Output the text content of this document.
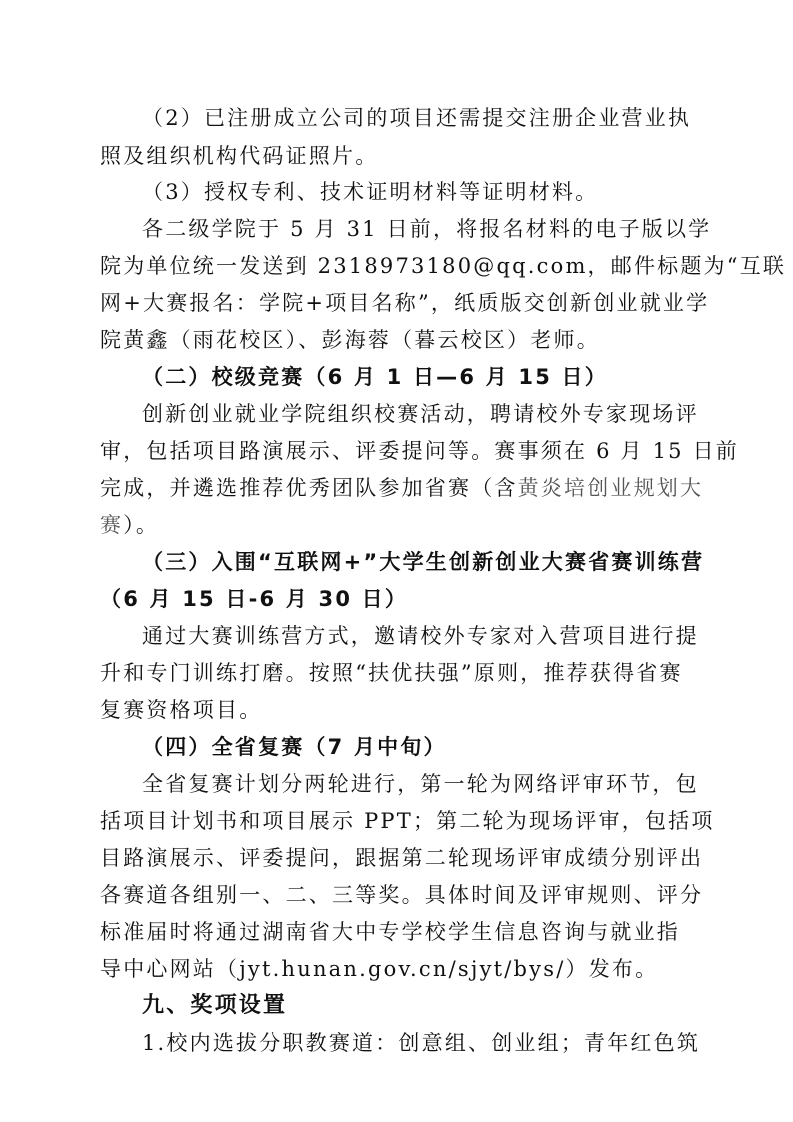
（2）已注册成立公司的项目还需提交注册企业营业执
照及组织机构代码证照片。
（3）授权专利、技术证明材料等证明材料。
各二级学院于 5 月 31 日前，将报名材料的电子版以学
院为单位统一发送到 2318973180@qq.com，邮件标题为“互联
网+大赛报名：学院+项目名称”，纸质版交创新创业就业学
院黄鑫（雨花校区）、彭海蓉（暮云校区）老师。
（二）校级竞赛（6 月 1 日—6 月 15 日）
创新创业就业学院组织校赛活动，聘请校外专家现场评
审，包括项目路演展示、评委提问等。赛事须在 6 月 15 日前
完成，并遴选推荐优秀团队参加省赛（含黄炎培创业规划大
赛）。
（三）入围“互联网+”大学生创新创业大赛省赛训练营
（6 月 15 日-6 月 30 日）
通过大赛训练营方式，邀请校外专家对入营项目进行提
升和专门训练打磨。按照“扶优扶强”原则，推荐获得省赛
复赛资格项目。
（四）全省复赛（7 月中旬）
全省复赛计划分两轮进行，第一轮为网络评审环节，包
括项目计划书和项目展示 PPT；第二轮为现场评审，包括项
目路演展示、评委提问，跟据第二轮现场评审成绩分别评出
各赛道各组别一、二、三等奖。具体时间及评审规则、评分
标准届时将通过湖南省大中专学校学生信息咨询与就业指
导中心网站（jyt.hunan.gov.cn/sjyt/bys/）发布。
九、奖项设置
1.校内选拔分职教赛道：创意组、创业组；青年红色筑
